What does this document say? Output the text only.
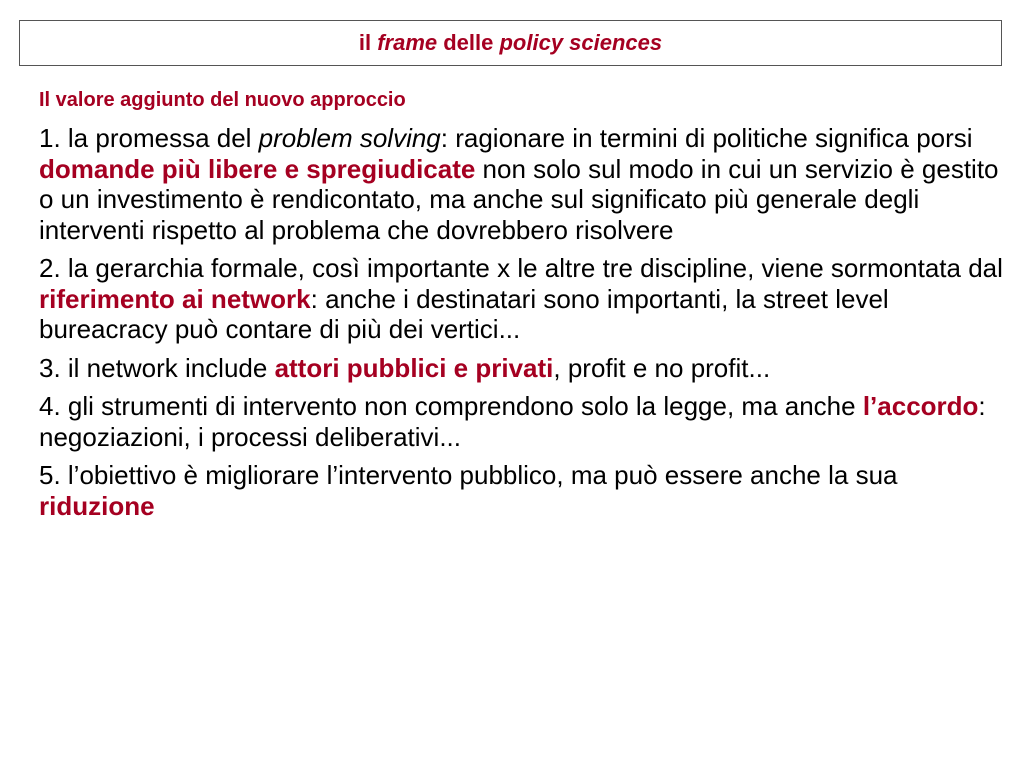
il frame delle policy sciences
Il valore aggiunto del nuovo approccio
1. la promessa del problem solving: ragionare in termini di politiche significa porsi domande più libere e spregiudicate non solo sul modo in cui un servizio è gestito o un investimento è rendicontato, ma anche sul significato più generale degli interventi rispetto al problema che dovrebbero risolvere
2. la gerarchia formale, così importante x le altre tre discipline, viene sormontata dal riferimento ai network: anche i destinatari sono importanti, la street level bureacracy può contare di più dei vertici...
3. il network include attori pubblici e privati, profit e no profit...
4. gli strumenti di intervento non comprendono solo la legge, ma anche l’accordo: negoziazioni, i processi deliberativi...
5. l’obiettivo è migliorare l’intervento pubblico, ma può essere anche la sua riduzione
